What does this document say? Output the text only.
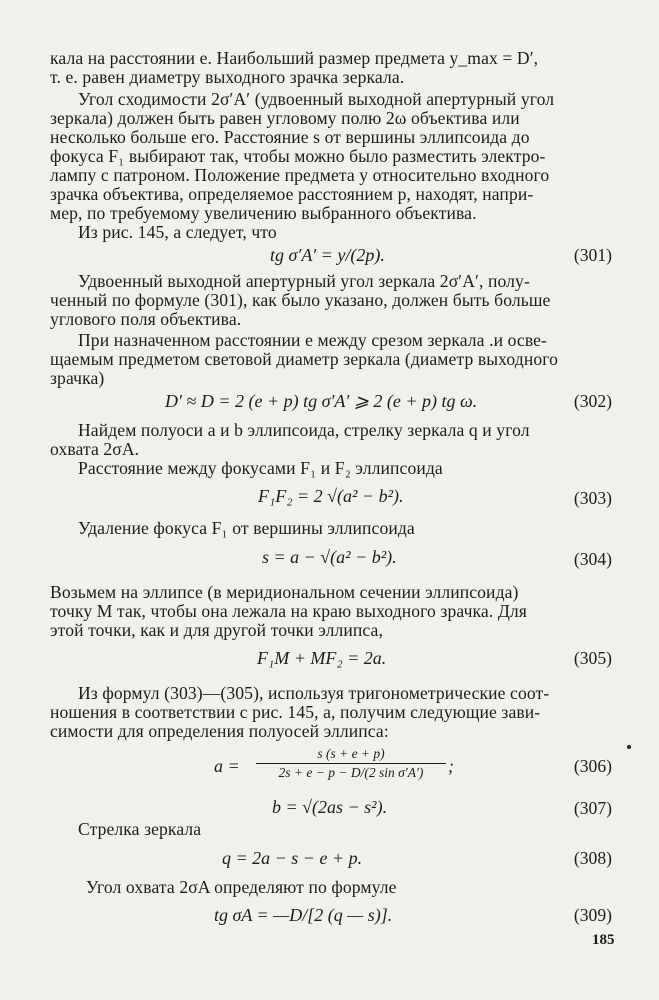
кала на расстоянии e. Наибольший размер предмета y_max = D′,
т. е. равен диаметру выходного зрачка зеркала.
Угол сходимости 2σ′A′ (удвоенный выходной апертурный угол
зеркала) должен быть равен угловому полю 2ω объектива или
несколько больше его. Расстояние s от вершины эллипсоида до
фокуса F₁ выбирают так, чтобы можно было разместить электро-
лампу с патроном. Положение предмета y относительно входного
зрачка объектива, определяемое расстоянием p, находят, напри-
мер, по требуемому увеличению выбранного объектива.
Из рис. 145, a следует, что
tg σ′A′ = y/(2p).	(301)
Удвоенный выходной апертурный угол зеркала 2σ′A′, полу-
ченный по формуле (301), как было указано, должен быть больше
углового поля объектива.
При назначенном расстоянии e между срезом зеркала .и осве-
щаемым предметом световой диаметр зеркала (диаметр выходного
зрачка)
D′ ≈ D = 2 (e + p) tg σ′A′ ⩾ 2 (e + p) tg ω.	(302)
Найдем полуоси a и b эллипсоида, стрелку зеркала q и угол
охвата 2σA.
Расстояние между фокусами F₁ и F₂ эллипсоида
F₁F₂ = 2 √(a² − b²).	(303)
Удаление фокуса F₁ от вершины эллипсоида
s = a − √(a² − b²).	(304)
Возьмем на эллипсе (в меридиональном сечении эллипсоида)
точку M так, чтобы она лежала на краю выходного зрачка. Для
этой точки, как и для другой точки эллипса,
F₁M + MF₂ = 2a.	(305)
Из формул (303)—(305), используя тригонометрические соот-
ношения в соответствии с рис. 145, a, получим следующие зави-
симости для определения полуосей эллипса:
a =
s (s + e + p)
2s + e − p − D/(2 sin σ′A′)	;	(306)
b = √(2as − s²).	(307)
Стрелка зеркала
q = 2a − s − e + p.	(308)
Угол охвата 2σA определяют по формуле
tg σA = —D/[2 (q — s)].	(309)
185
